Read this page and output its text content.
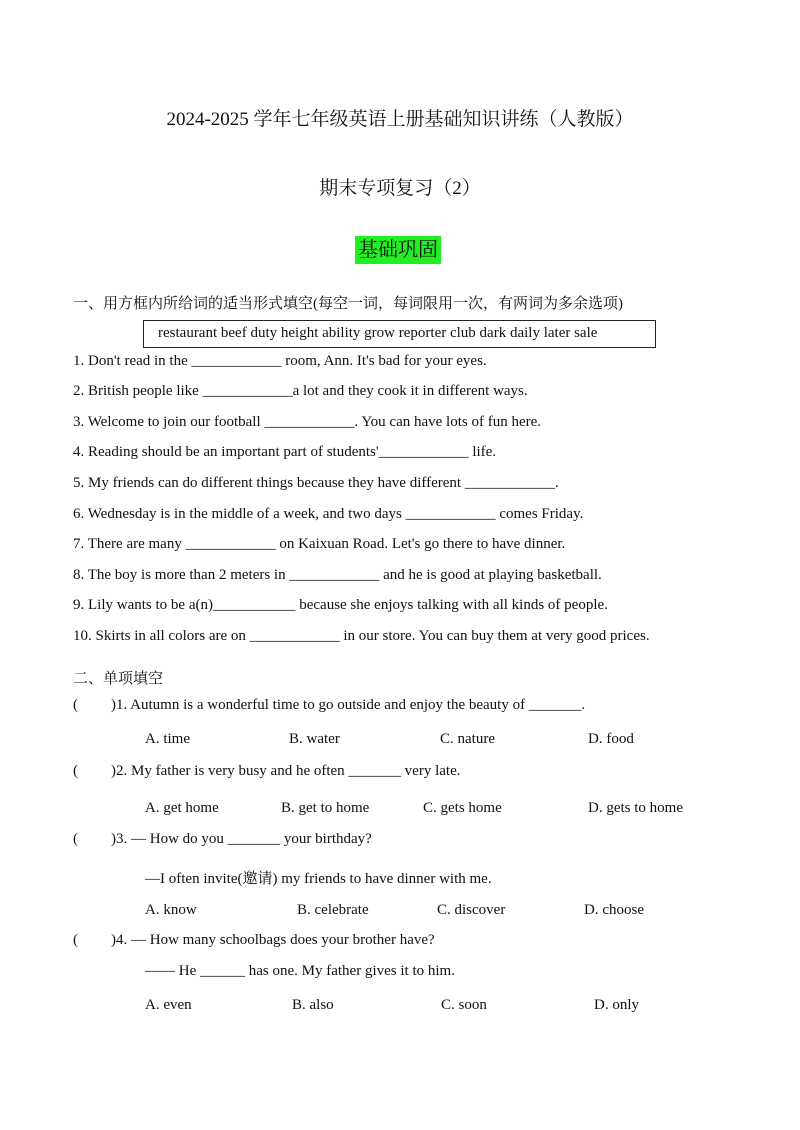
2024-2025 学年七年级英语上册基础知识讲练（人教版）
期末专项复习（2）
基础巩固
一、用方框内所给词的适当形式填空(每空一词，每词限用一次，有两词为多余选项)
restaurant beef duty height ability grow reporter club dark daily later sale
1. Don't read in the ____________ room, Ann. It's bad for your eyes.
2. British people like ____________a lot and they cook it in different ways.
3. Welcome to join our football ____________. You can have lots of fun here.
4. Reading should be an important part of students'____________ life.
5. My friends can do different things because they have different ____________.
6. Wednesday is in the middle of a week, and two days ____________ comes Friday.
7. There are many ____________ on Kaixuan Road. Let's go there to have dinner.
8. The boy is more than 2 meters in ____________ and he is good at playing basketball.
9. Lily wants to be a(n)___________ because she enjoys talking with all kinds of people.
10. Skirts in all colors are on ____________ in our store. You can buy them at very good prices.
二、单项填空
( )1. Autumn is a wonderful time to go outside and enjoy the beauty of _______.
A. time	B. water	C. nature	D. food
( )2. My father is very busy and he often _______ very late.
A. get home	B. get to home	C. gets home	D. gets to home
( )3. — How do you _______ your birthday?
—I often invite(邀请) my friends to have dinner with me.
A. know	B. celebrate	C. discover	D. choose
( )4. — How many schoolbags does your brother have?
—— He ______ has one. My father gives it to him.
A. even	B. also	C. soon	D. only
